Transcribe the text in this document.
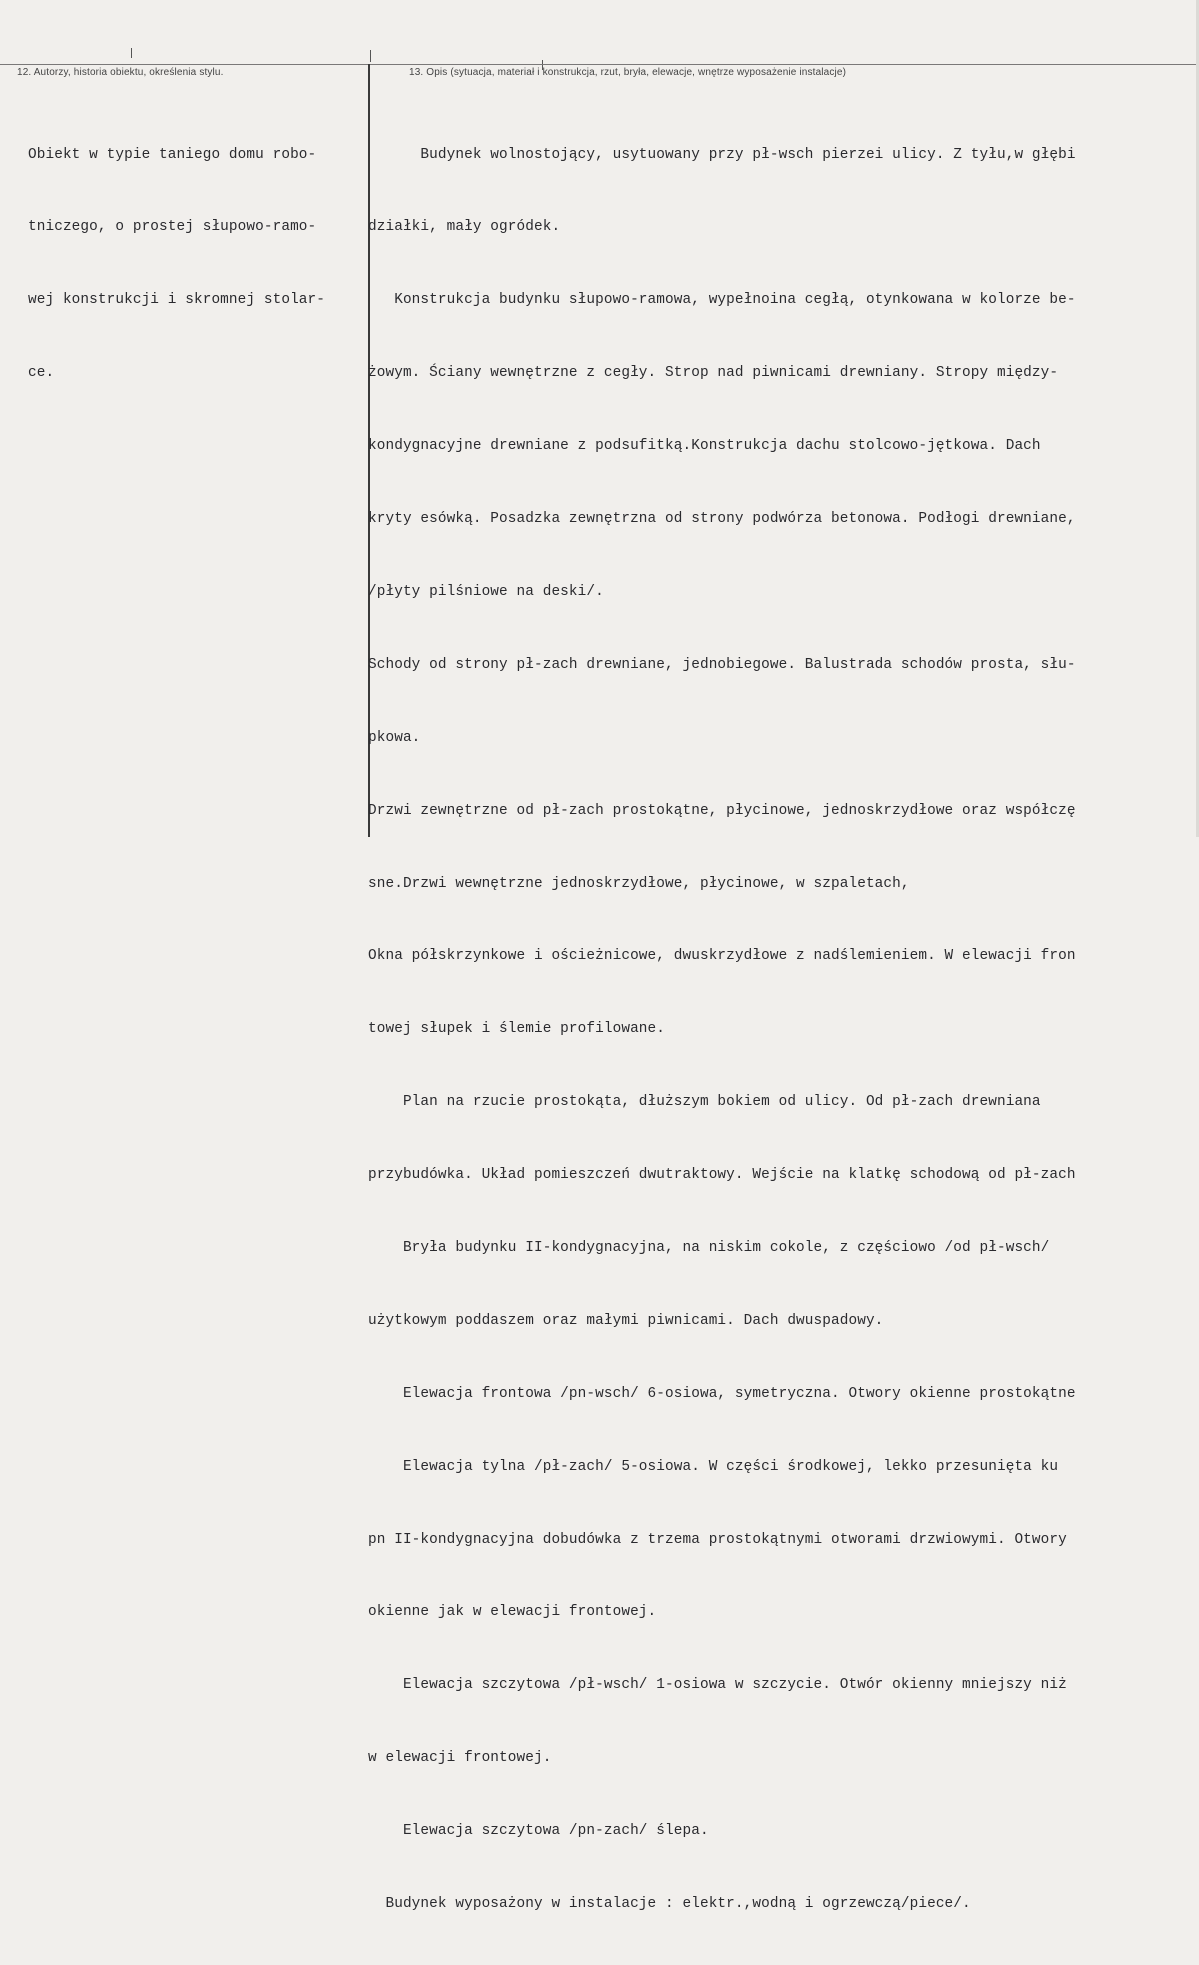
12. Autorzy, historia obiektu, określenia stylu.	13. Opis (sytuacja, materiał i konstrukcja, rzut, bryła, elewacje, wnętrze wyposażenie instalacje)

Obiekt w typie taniego domu robo-

tniczego, o prostej słupowo-ramo-

wej konstrukcji i skromnej stolar-

ce.

Budynek wolnostojący, usytuowany przy pł-wsch pierzei ulicy. Z tyłu,w głębi

działki, mały ogródek.

Konstrukcja budynku słupowo-ramowa, wypełnoina cegłą, otynkowana w kolorze be-

żowym. Ściany wewnętrzne z cegły. Strop nad piwnicami drewniany. Stropy między-

kondygnacyjne drewniane z podsufitką.Konstrukcja dachu stolcowo-jętkowa. Dach

kryty esówką. Posadzka zewnętrzna od strony podwórza betonowa. Podłogi drewniane,

/płyty pilśniowe na deski/.

Schody od strony pł-zach drewniane, jednobiegowe. Balustrada schodów prosta, słu-

pkowa.

Drzwi zewnętrzne od pł-zach prostokątne, płycinowe, jednoskrzydłowe oraz współczę

sne.Drzwi wewnętrzne jednoskrzydłowe, płycinowe, w szpaletach,

Okna półskrzynkowe i ościeżnicowe, dwuskrzydłowe z nadślemieniem. W elewacji fron

towej słupek i ślemie profilowane.

Plan na rzucie prostokąta, dłuższym bokiem od ulicy. Od pł-zach drewniana

przybudówka. Układ pomieszczeń dwutraktowy. Wejście na klatkę schodową od pł-zach

Bryła budynku II-kondygnacyjna, na niskim cokole, z częściowo /od pł-wsch/

użytkowym poddaszem oraz małymi piwnicami. Dach dwuspadowy.

Elewacja frontowa /pn-wsch/ 6-osiowa, symetryczna. Otwory okienne prostokątne

Elewacja tylna /pł-zach/ 5-osiowa. W części środkowej, lekko przesunięta ku

pn II-kondygnacyjna dobudówka z trzema prostokątnymi otworami drzwiowymi. Otwory

okienne jak w elewacji frontowej.

Elewacja szczytowa /pł-wsch/ 1-osiowa w szczycie. Otwór okienny mniejszy niż

w elewacji frontowej.

Elewacja szczytowa /pn-zach/ ślepa.

Budynek wyposażony w instalacje : elektr.,wodną i ogrzewczą/piece/.
